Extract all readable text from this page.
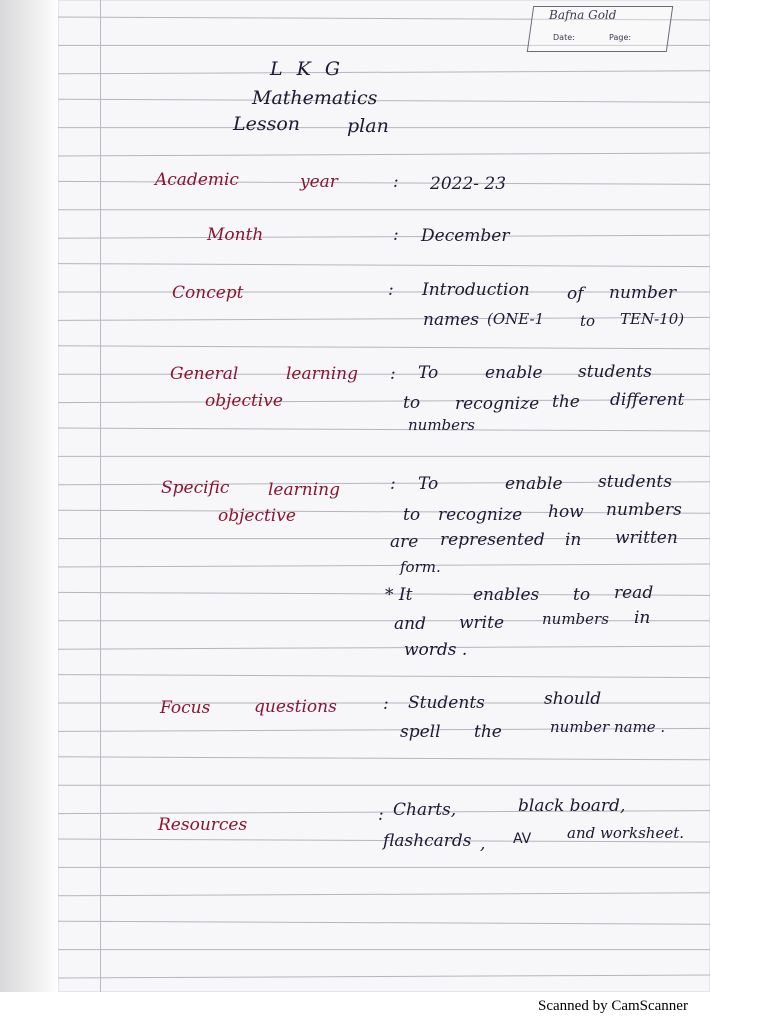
Bafna Gold
Date:	Page:
L K G
Mathematics
Lesson plan
Academic	year	: 2022- 23
Month	: December
Concept	: Introduction of number
names (ONE-1 to TEN-10)
General	learning
objective
: To	enable students
to recognize the different
numbers
Specific learning
objective
: To	enable students
to recognize how numbers
are represented in written
form.
* It	enables to read
and write	numbers in
words .
Focus	questions	: Students	should
spell the	number name .
Resources	: Charts,	black board,
flashcards , AV and worksheet.
Scanned by CamScanner
